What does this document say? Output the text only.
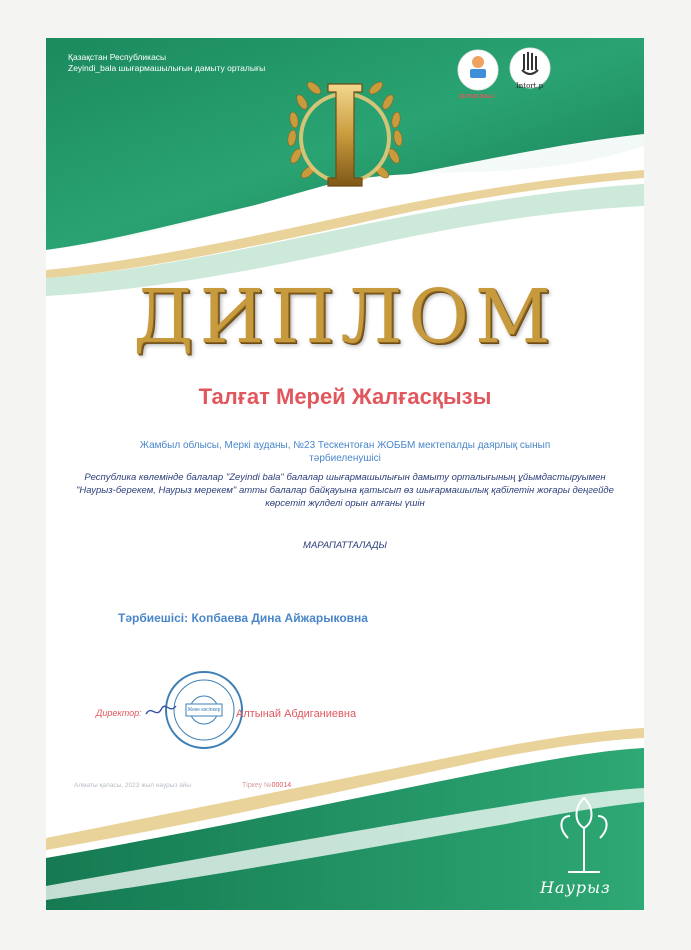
Қазақстан Республикасы
Zeyindi_bala шығармашылығын дамыту орталығы
ZEYINDI BALA
Intort p
дәрежелі
ДИПЛОМ
Талғат Мерей Жалғасқызы
Жамбыл облысы, Меркі ауданы, №23 Тескентоған ЖОББМ мектепалды даярлық сынып тәрбиеленушісі
Республика көлемінде балалар "Zeyindi bala" балалар шығармашылығын дамыту орталығының ұйымдастыруымен "Наурыз-берекем, Наурыз мерекем" атты балалар байқауына қатысып өз шығармашылық қабілетін жоғары деңгейде көрсетіп жүлделі орын алғаны үшін
МАРАПАТТАЛАДЫ
Тәрбиешісі: Копбаева Дина Айжарыковна
Директор:	Алтынай Абдиганиевна
Жеке кәсіпкер
Алматы қаласы, 2023 жыл наурыз айы	Тіркеу №00014
Наурыз
